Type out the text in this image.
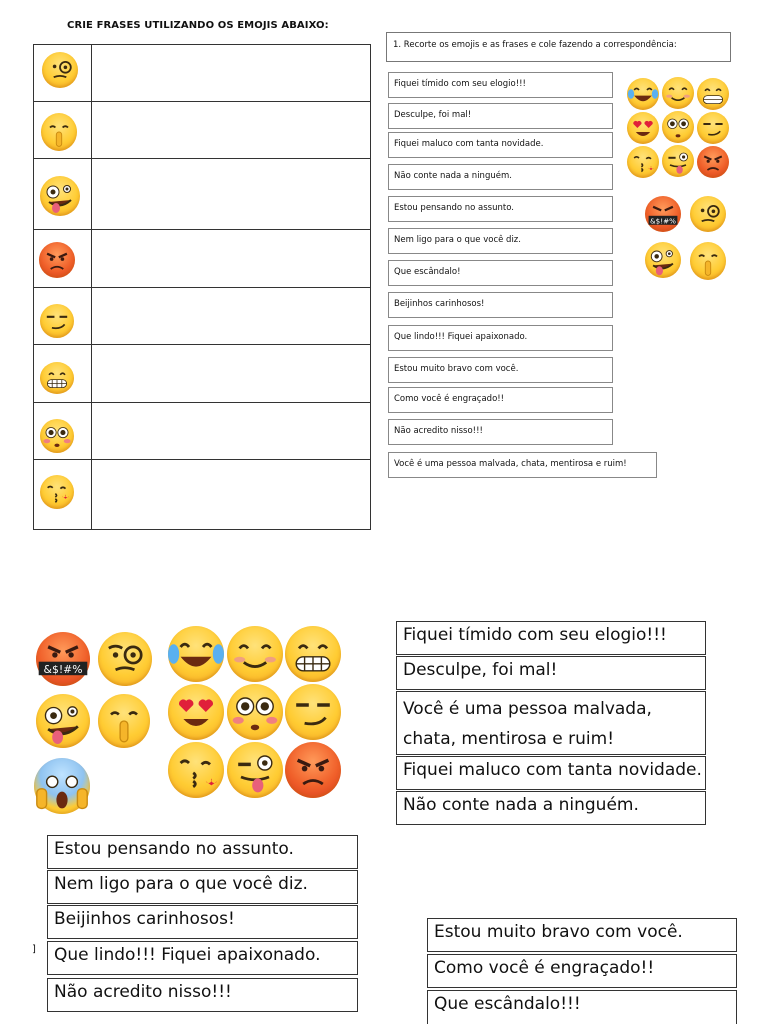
CRIE FRASES UTILIZANDO OS EMOJIS ABAIXO:
1. Recorte os emojis e as frases e cole fazendo a correspondência:
Fiquei tímido com seu elogio!!!
Desculpe, foi mal!
Fiquei maluco com tanta novidade.
Não conte nada a ninguém.
Estou pensando no assunto.
Nem ligo para o que você diz.
Que escândalo!
Beijinhos carinhosos!
Que lindo!!! Fiquei apaixonado.
Estou muito bravo com você.
Como você é engraçado!!
Não acredito nisso!!!
Você é uma pessoa malvada, chata, mentirosa e ruim!
&$!#%
&$!#%
Fiquei tímido com seu elogio!!!
Desculpe, foi mal!
Você é uma pessoa malvada,
chata, mentirosa e ruim!
Fiquei maluco com tanta novidade.
Não conte nada a ninguém.
Estou pensando no assunto.
Nem ligo para o que você diz.
Beijinhos carinhosos!
Que lindo!!! Fiquei apaixonado.
Não acredito nisso!!!
Estou muito bravo com você.
Como você é engraçado!!
Que escândalo!!!
]
